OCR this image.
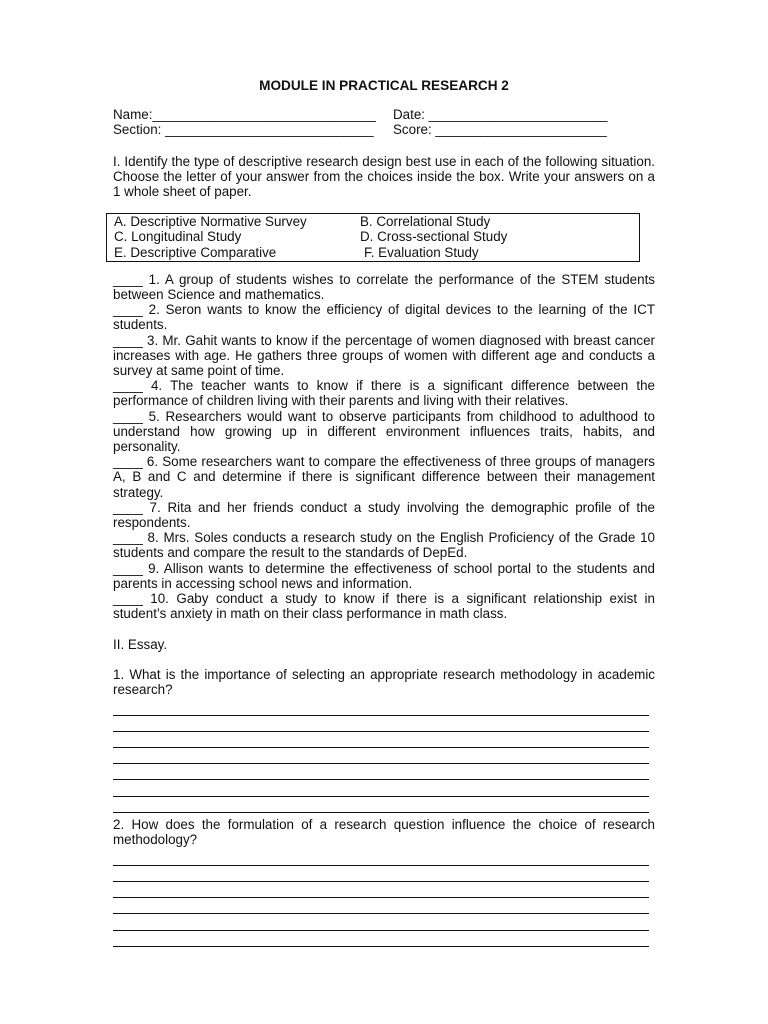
MODULE IN PRACTICAL RESEARCH 2
Name:______________________________	Date: ________________________
Section: ____________________________	Score: _______________________
I. Identify the type of descriptive research design best use in each of the following situation. Choose the letter of your answer from the choices inside the box. Write your answers on a 1 whole sheet of paper.
A. Descriptive Normative Survey	B. Correlational Study
C. Longitudinal Study	D. Cross-sectional Study
E. Descriptive Comparative	F. Evaluation Study

____ 1. A group of students wishes to correlate the performance of the STEM students between Science and mathematics.

____ 2. Seron wants to know the efficiency of digital devices to the learning of the ICT students.

____ 3. Mr. Gahit wants to know if the percentage of women diagnosed with breast cancer increases with age. He gathers three groups of women with different age and conducts a survey at same point of time.

____ 4. The teacher wants to know if there is a significant difference between the performance of children living with their parents and living with their relatives.

____ 5. Researchers would want to observe participants from childhood to adulthood to understand how growing up in different environment influences traits, habits, and personality.

____ 6. Some researchers want to compare the effectiveness of three groups of managers A, B and C and determine if there is significant difference between their management strategy.

____ 7. Rita and her friends conduct a study involving the demographic profile of the respondents.

____ 8. Mrs. Soles conducts a research study on the English Proficiency of the Grade 10 students and compare the result to the standards of DepEd.

____ 9. Allison wants to determine the effectiveness of school portal to the students and parents in accessing school news and information.

____ 10. Gaby conduct a study to know if there is a significant relationship exist in student’s anxiety in math on their class performance in math class.

II. Essay.
1. What is the importance of selecting an appropriate research methodology in academic research?
2. How does the formulation of a research question influence the choice of research methodology?
